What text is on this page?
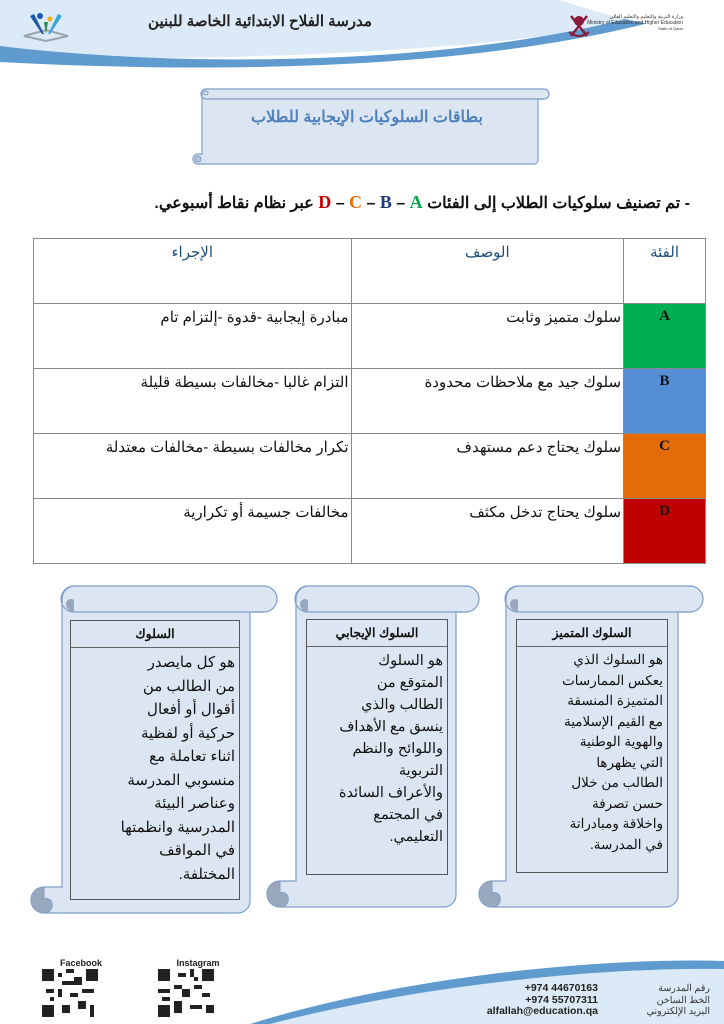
مدرسة الفلاح الابتدائية الخاصة للبنين	وزارة التربية والتعليم والتعليم العالي
Ministry of Education and Higher Education
State of Qatar
بطاقات السلوكيات الإيجابية للطلاب
- تم تصنيف سلوكيات الطلاب إلى الفئات D – C – B – A عبر نظام نقاط أسبوعي.
الفئة	الوصف	الإجراء
A	سلوك متميز وثابت	مبادرة إيجابية -قدوة -إلتزام تام
B	سلوك جيد مع ملاحظات محدودة	التزام غالبا -مخالفات بسيطة قليلة
C	سلوك يحتاج دعم مستهدف	تكرار مخالفات بسيطة -مخالفات معتدلة
D	سلوك يحتاج تدخل مكثف	مخالفات جسيمة أو تكرارية
السلوك المتميز
هو السلوك الذي
يعكس الممارسات
المتميزة المنسقة
مع القيم الإسلامية
والهوية الوطنية
التي يظهرها
الطالب من خلال
حسن تصرفة
واخلاقة ومبادراتة
في المدرسة.
السلوك الإيجابي
هو السلوك
المتوقع من
الطالب والذي
ينسق مع الأهداف
واللوائح والنظم
التربوية
والأعراف السائدة
في المجتمع
التعليمي.
السلوك
هو كل مايصدر
من الطالب من
أقوال أو أفعال
حركية أو لفظية
اثناء تعاملة مع
منسوبي المدرسة
وعناصر البيئة
المدرسية وانظمتها
في المواقف
المختلفة.
Facebook	Instagram
+974 44670163
+974 55707311
alfallah@education.qa
رقم المدرسة
الخط الساخن
البريد الإلكتروني
